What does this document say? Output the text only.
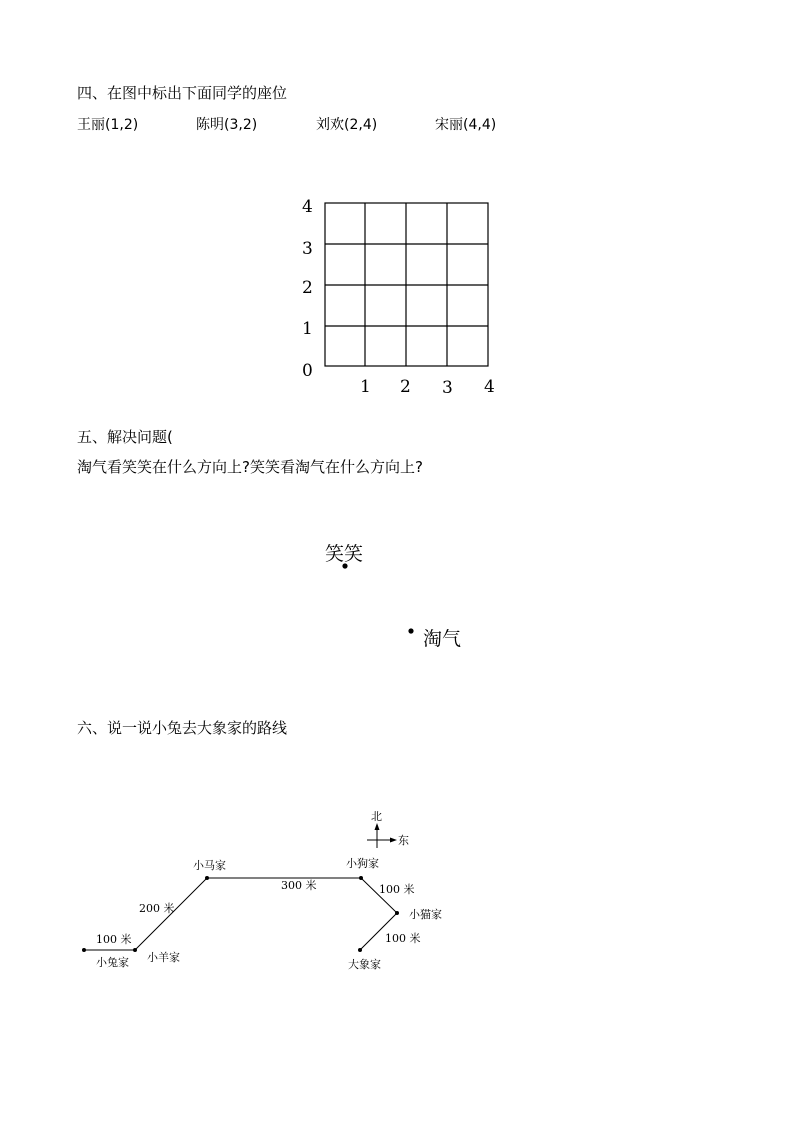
四、在图中标出下面同学的座位
王丽(1,2)	陈明(3,2)	刘欢(2,4)	宋丽(4,4)
4
3
2
1
0
1 2 3 4
北
东
小兔家 小羊家
小马家	小狗家
小猫家
大象家
100 米
200 米
300 米	100 米
100 米
五、解决问题(
淘气看笑笑在什么方向上?笑笑看淘气在什么方向上?
笑笑
淘气
六、说一说小兔去大象家的路线
